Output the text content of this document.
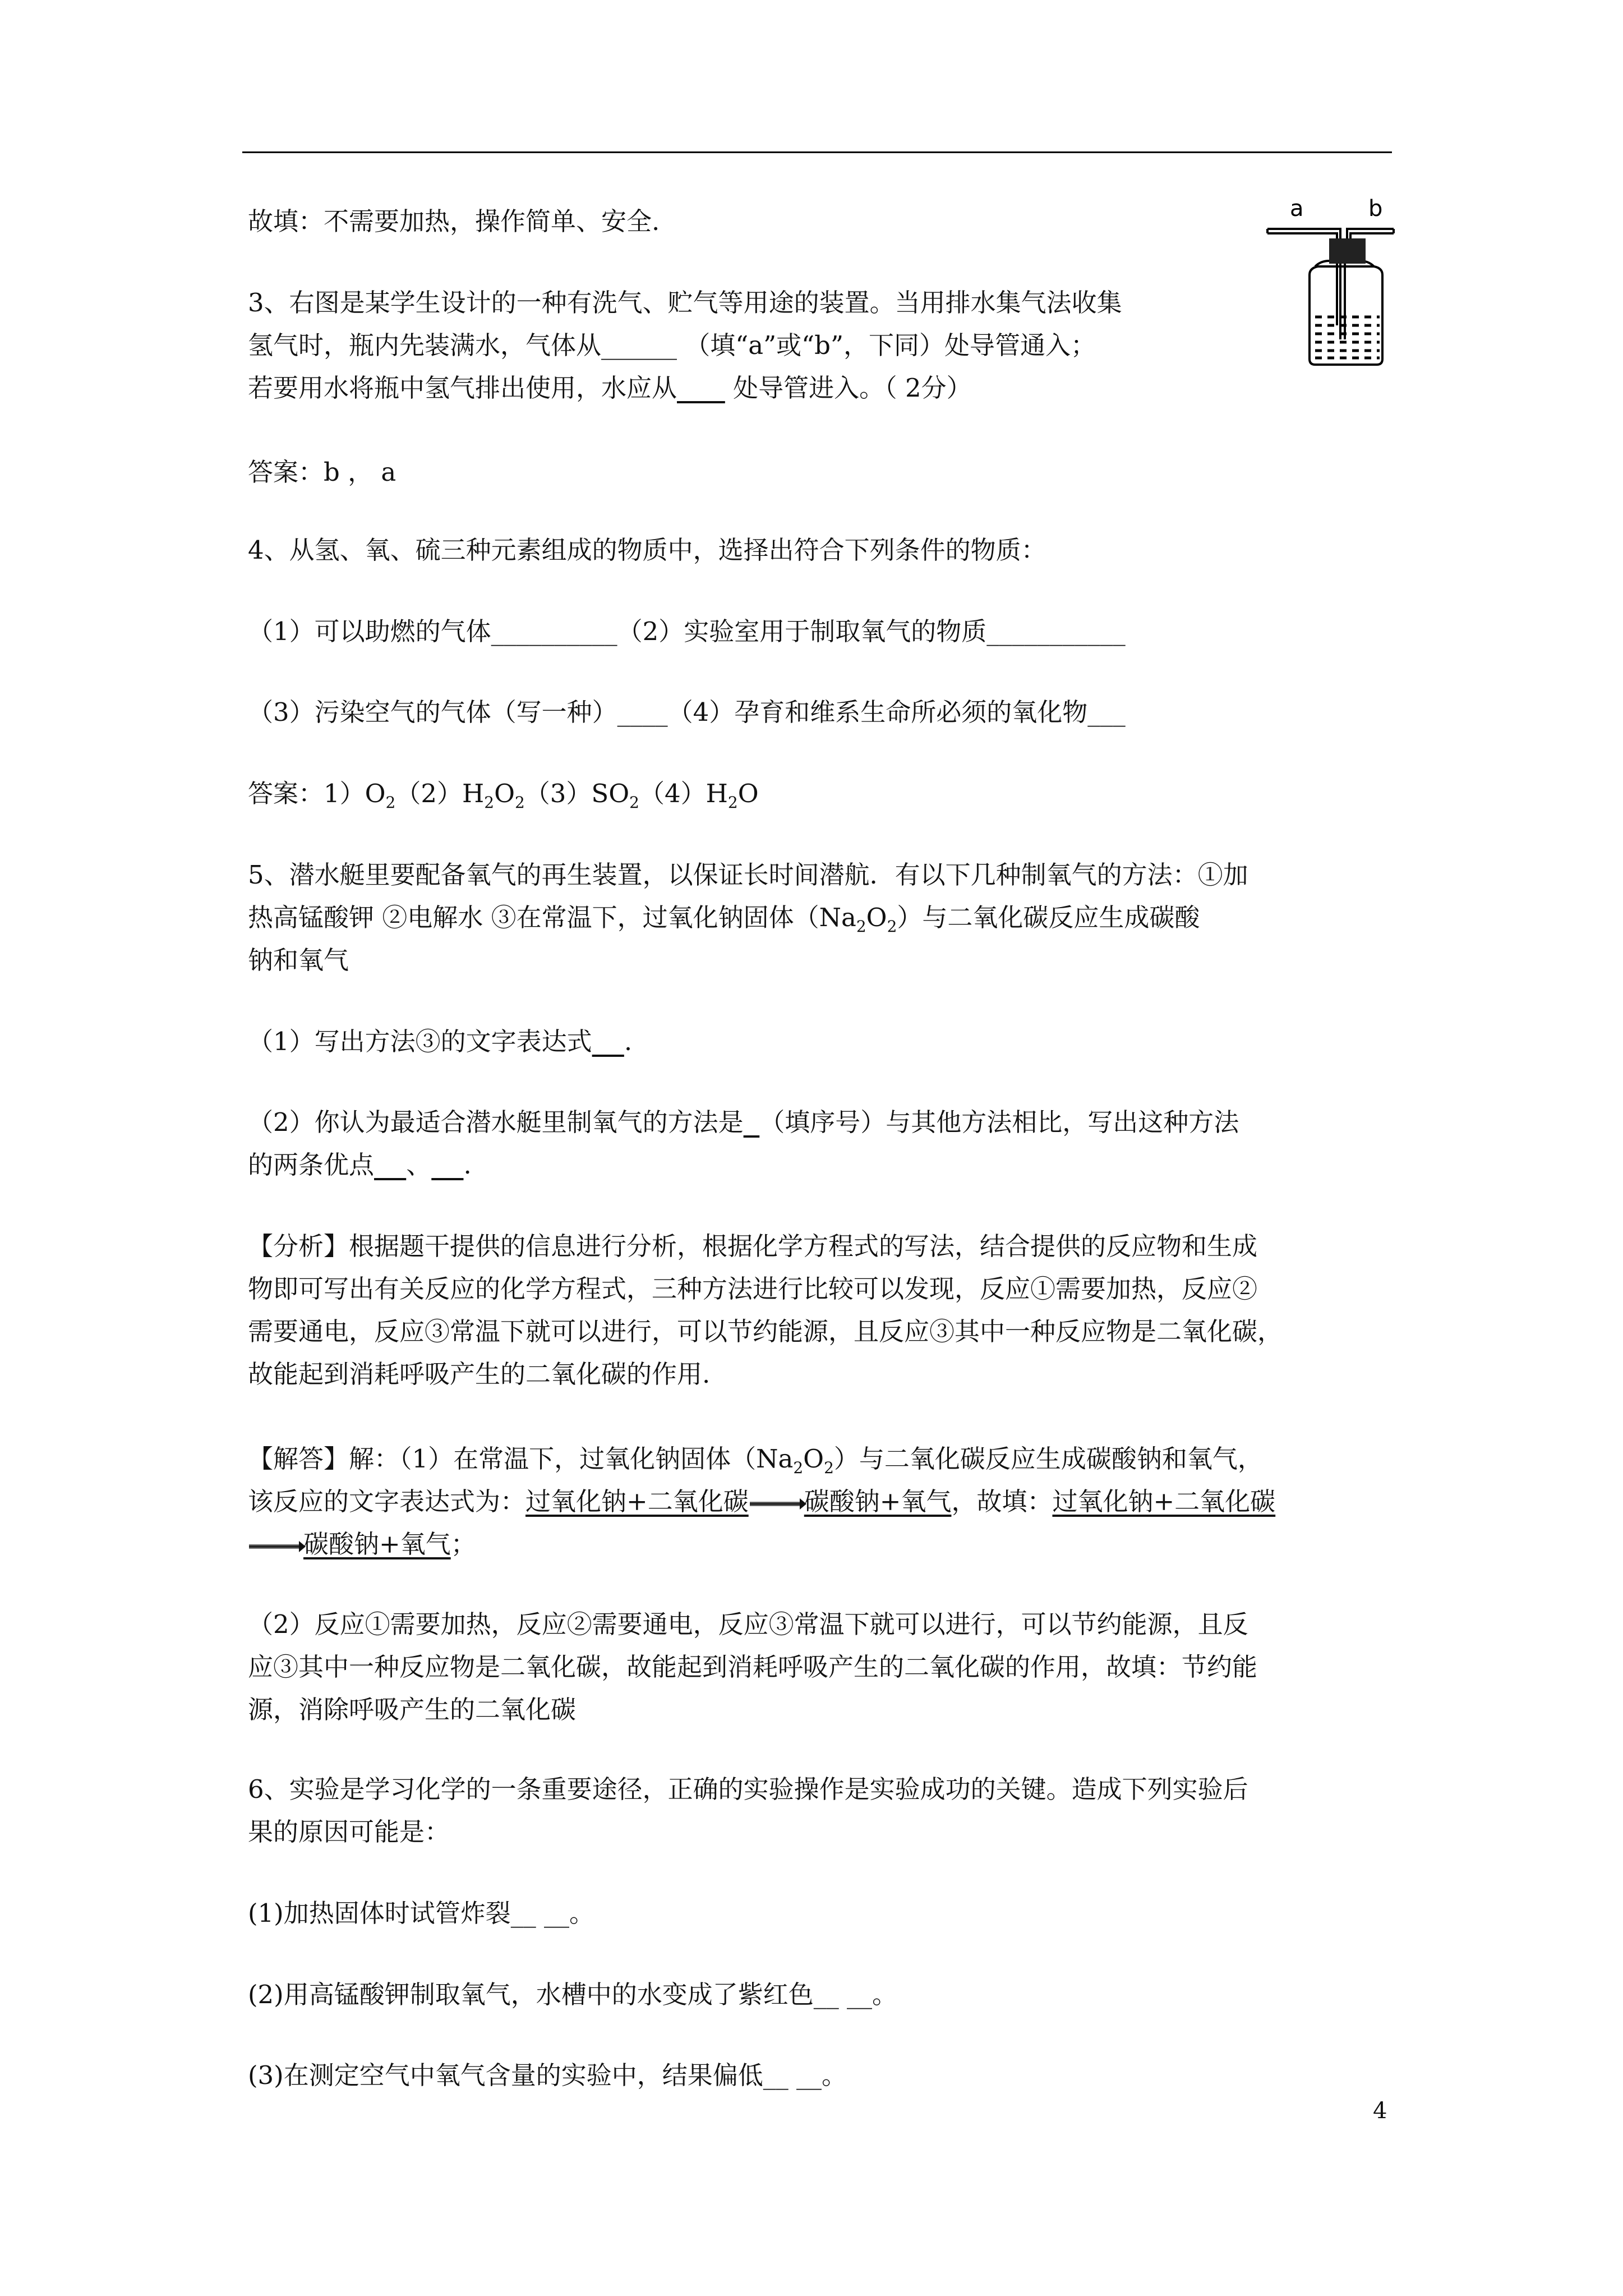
故填：不需要加热，操作简单、安全.
3、右图是某学生设计的一种有洗气、贮气等用途的装置。当用排水集气法收集
氢气时，瓶内先装满水，气体从______ （填“a”或“b”，下同）处导管通入；
若要用水将瓶中氢气排出使用，水应从       处导管进入。（ 2分）
答案：b ， a
4、从氢、氧、硫三种元素组成的物质中，选择出符合下列条件的物质：
（1）可以助燃的气体__________（2）实验室用于制取氧气的物质___________
（3）污染空气的气体（写一种）____（4）孕育和维系生命所必须的氧化物___
答案：$1)O_2(2)H_2O_2(3)SO_2(4)H_2O$
5、潜水艇里要配备氧气的再生装置，以保证长时间潜航．有以下几种制氧气的方法：①加
热高锰酸钾 ②电解水 ③在常温下，过氧化钠固体$(Na_2O_2)$与二氧化碳反应生成碳酸
钠和氧气
（1）写出方法③的文字表达式 .
（2）你认为最适合潜水艇里制氧气的方法是 （填序号）与其他方法相比，写出这种方法
的两条优点 、 .
【分析】根据题干提供的信息进行分析，根据化学方程式的写法，结合提供的反应物和生成
物即可写出有关反应的化学方程式，三种方法进行比较可以发现，反应①需要加热，反应②
需要通电，反应③常温下就可以进行，可以节约能源，且反应③其中一种反应物是二氧化碳，
故能起到消耗呼吸产生的二氧化碳的作用.
【解答】解：（1）在常温下，过氧化钠固体$(Na_2O_2)$与二氧化碳反应生成碳酸钠和氧气，
该反应的文字表达式为：过氧化钠+二氧化碳 → 碳酸钠+氧气，故填：过氧化钠+二氧化碳
→ 碳酸钠+氧气；
（2）反应①需要加热，反应②需要通电，反应③常温下就可以进行，可以节约能源，且反
应③其中一种反应物是二氧化碳，故能起到消耗呼吸产生的二氧化碳的作用，故填：节约能
源，消除呼吸产生的二氧化碳
6、实验是学习化学的一条重要途径，正确的实验操作是实验成功的关键。造成下列实验后
果的原因可能是：
(1)加热固体时试管炸裂__ __。
(2)用高锰酸钾制取氧气，水槽中的水变成了紫红色__ __。
(3)在测定空气中氧气含量的实验中，结果偏低__ __。
a	b
4
